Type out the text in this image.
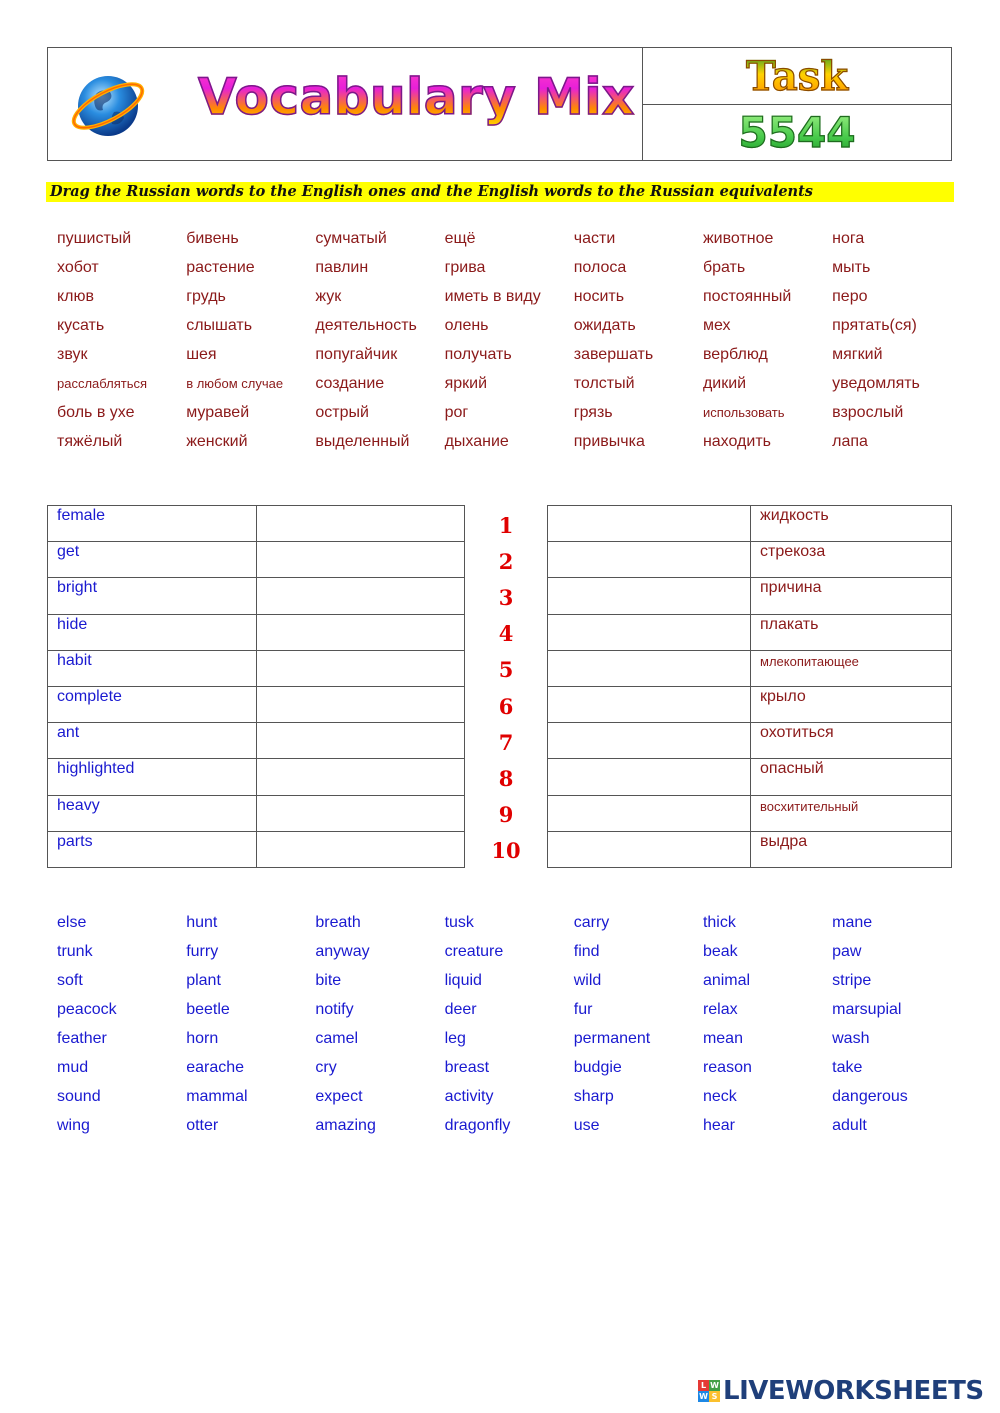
Vocabulary Mix	Task
5544
Drag the Russian words to the English ones and the English words to the Russian equivalents
пушистый	бивень	сумчатый	ещё	части	животное	нога
хобот	растение	павлин	грива	полоса	брать	мыть
клюв	грудь	жук	иметь в виду	носить	постоянный	перо
кусать	слышать	деятельность	олень	ожидать	мех	прятать(ся)
звук	шея	попугайчик	получать	завершать	верблюд	мягкий
расслабляться	в любом случае	создание	яркий	толстый	дикий	уведомлять
боль в ухе	муравей	острый	рог	грязь	использовать	взрослый
тяжёлый	женский	выделенный	дыхание	привычка	находить	лапа
female
get
bright
hide
habit
complete
ant
highlighted
heavy
parts
1
2
3
4
5
6
7
8
9
10
жидкость
стрекоза
причина
плакать
млекопитающее
крыло
охотиться
опасный
восхитительный
выдра
else	hunt	breath	tusk	carry	thick	mane
trunk	furry	anyway	creature	find	beak	paw
soft	plant	bite	liquid	wild	animal	stripe
peacock	beetle	notify	deer	fur	relax	marsupial
feather	horn	camel	leg	permanent	mean	wash
mud	earache	cry	breast	budgie	reason	take
sound	mammal	expect	activity	sharp	neck	dangerous
wing	otter	amazing	dragonfly	use	hear	adult
L W
W S LIVEWORKSHEETS
